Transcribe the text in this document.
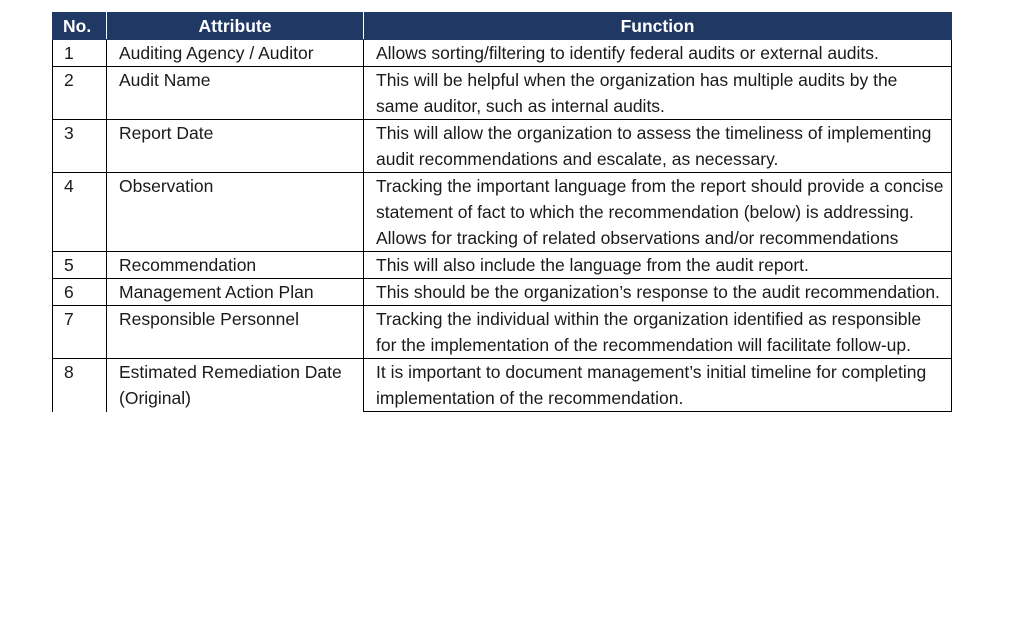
No.	Attribute	Function
1	Auditing Agency / Auditor	Allows sorting/filtering to identify federal audits or external audits.
2	Audit Name	This will be helpful when the organization has multiple audits by the same auditor, such as internal audits.
3	Report Date	This will allow the organization to assess the timeliness of implementing audit recommendations and escalate, as necessary.
4	Observation	Tracking the important language from the report should provide a concise statement of fact to which the recommendation (below) is addressing. Allows for tracking of related observations and/or recommendations
5	Recommendation	This will also include the language from the audit report.
6	Management Action Plan	This should be the organization’s response to the audit recommendation.
7	Responsible Personnel	Tracking the individual within the organization identified as responsible for the implementation of the recommendation will facilitate follow-up.
8	Estimated Remediation Date (Original)	It is important to document management’s initial timeline for completing implementation of the recommendation.
